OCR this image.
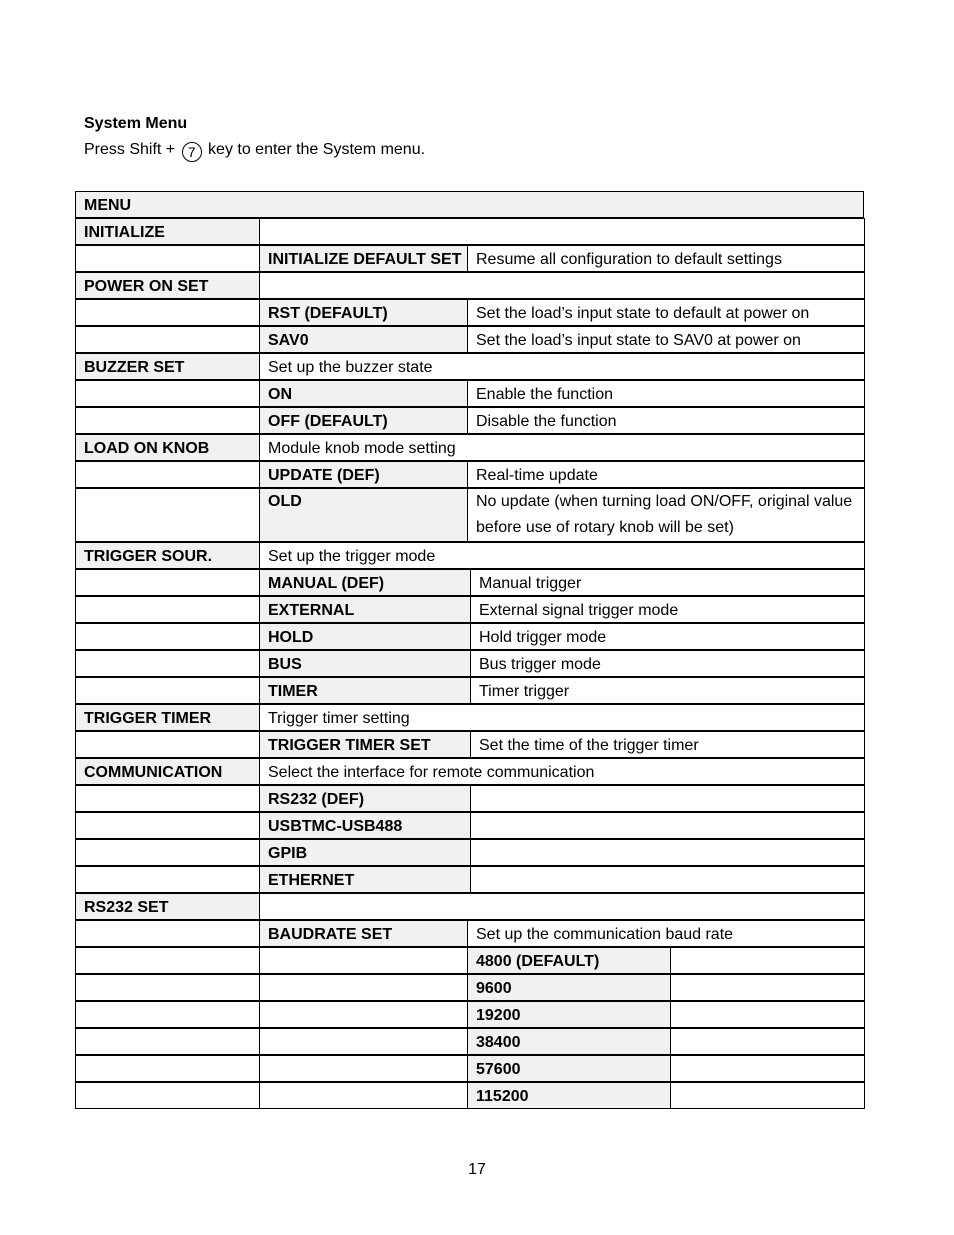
System Menu
Press Shift + 7 key to enter the System menu.
MENU
INITIALIZE
INITIALIZE DEFAULT SET Resume all configuration to default settings
POWER ON SET
RST (DEFAULT)	Set the load’s input state to default at power on
SAV0	Set the load’s input state to SAV0 at power on
BUZZER SET	Set up the buzzer state
ON	Enable the function
OFF (DEFAULT)	Disable the function
LOAD ON KNOB	Module knob mode setting
UPDATE (DEF)	Real-time update
OLD	No update (when turning load ON/OFF, original value before use of rotary knob will be set)
TRIGGER SOUR.	Set up the trigger mode
MANUAL (DEF)	Manual trigger
EXTERNAL	External signal trigger mode
HOLD	Hold trigger mode
BUS	Bus trigger mode
TIMER	Timer trigger
TRIGGER TIMER	Trigger timer setting
TRIGGER TIMER SET	Set the time of the trigger timer
COMMUNICATION	Select the interface for remote communication
RS232 (DEF)
USBTMC-USB488
GPIB
ETHERNET
RS232 SET
BAUDRATE SET	Set up the communication baud rate
4800 (DEFAULT)
9600
19200
38400
57600
115200
17
